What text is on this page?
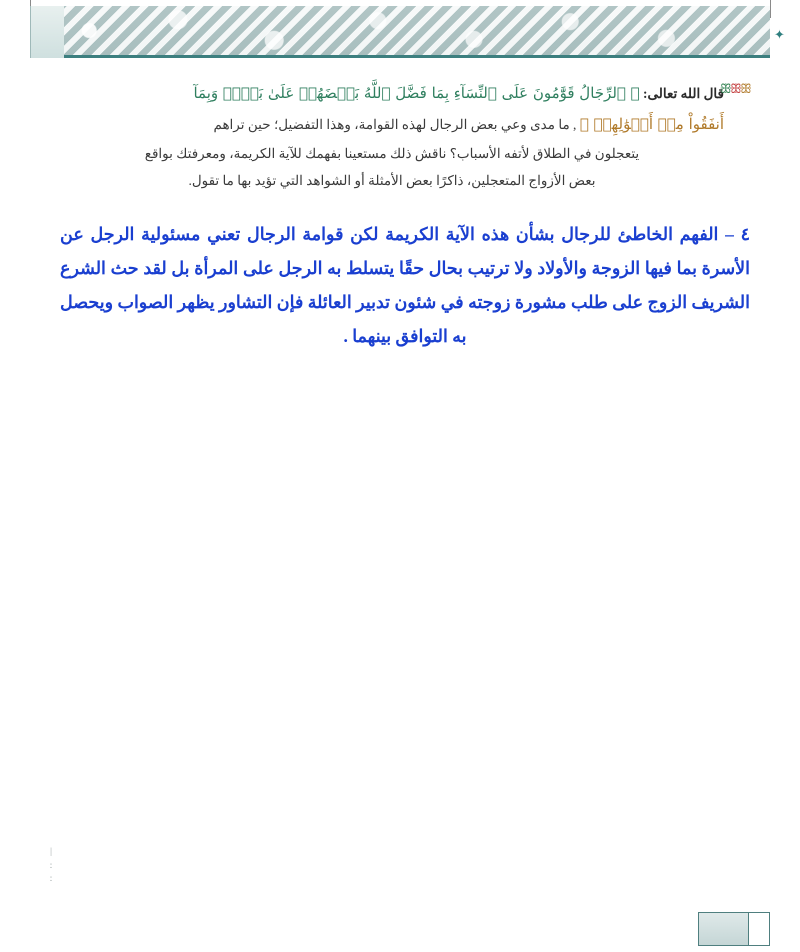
✦
ꕥꕥꕥ
قال الله تعالى: ﴿ ٱلرِّجَالُ قَوَّٰمُونَ عَلَى ٱلنِّسَآءِ بِمَا فَضَّلَ ٱللَّهُ بَعۡضَهُمۡ عَلَىٰ بَعۡضٖ وَبِمَآ
أَنفَقُواْ مِنۡ أَمۡوَٰلِهِمۡ ﴾ , ما مدى وعي بعض الرجال لهذه القوامة، وهذا التفضيل؛ حين تراهم
يتعجلون في الطلاق لأتفه الأسباب؟ ناقش ذلك مستعينا بفهمك للآية الكريمة، ومعرفتك بواقع
بعض الأزواج المتعجلين، ذاكرًا بعض الأمثلة أو الشواهد التي تؤيد بها ما تقول.
٤ – الفهم الخاطئ للرجال بشأن هذه الآية الكريمة لكن قوامة الرجال تعني مسئولية الرجل عن الأسرة بما فيها الزوجة والأولاد ولا ترتيب بحال حقًا يتسلط به الرجل على المرأة بل لقد حث الشرع الشريف الزوج على طلب مشورة زوجته في شئون تدبير العائلة فإن التشاور يظهر الصواب ويحصل به التوافق بينهما .
|
:
:
